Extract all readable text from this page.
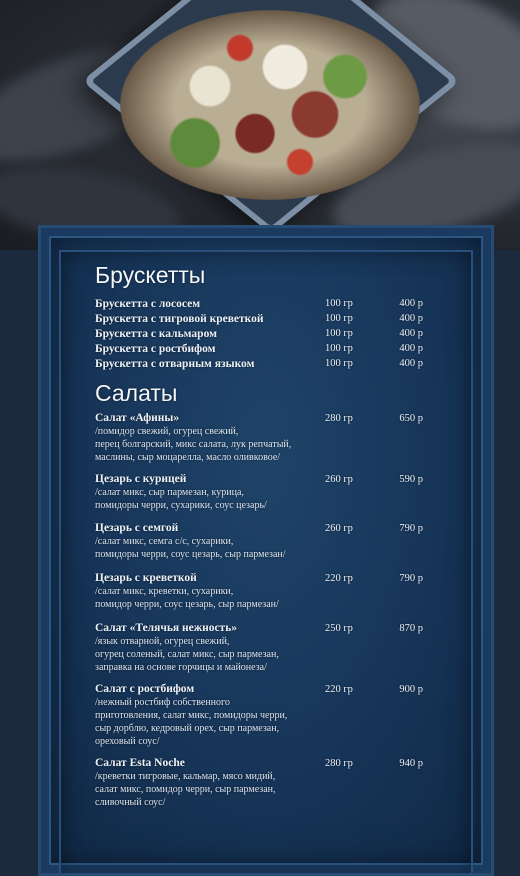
Брускетты
Брускетта с лососем	100 гр	400 р
Брускетта с тигровой креветкой	100 гр	400 р
Брускетта с кальмаром	100 гр	400 р
Брускетта с ростбифом	100 гр	400 р
Брускетта с отварным языком	100 гр	400 р
Салаты
Салат «Афины»	280 гр	650 р
/помидор свежий, огурец свежий,
перец болгарский, микс салата, лук репчатый,
маслины, сыр моцарелла, масло оливковое/
Цезарь с курицей	260 гр	590 р
/салат микс, сыр пармезан, курица,
помидоры черри, сухарики, соус цезарь/
Цезарь с семгой	260 гр	790 р
/салат микс, семга с/с, сухарики,
помидоры черри, соус цезарь, сыр пармезан/
Цезарь с креветкой	220 гр	790 р
/салат микс, креветки, сухарики,
помидор черри, соус цезарь, сыр пармезан/
Салат «Телячья нежность»	250 гр	870 р
/язык отварной, огурец свежий,
огурец соленый, салат микс, сыр пармезан,
заправка на основе горчицы и майонеза/
Салат с ростбифом	220 гр	900 р
/нежный ростбиф собственного
приготовления, салат микс, помидоры черри,
сыр дорблю, кедровый орех, сыр пармезан,
ореховый соус/
Салат Esta Noche	280 гр	940 р
/креветки тигровые, кальмар, мясо мидий,
салат микс, помидор черри, сыр пармезан,
сливочный соус/
